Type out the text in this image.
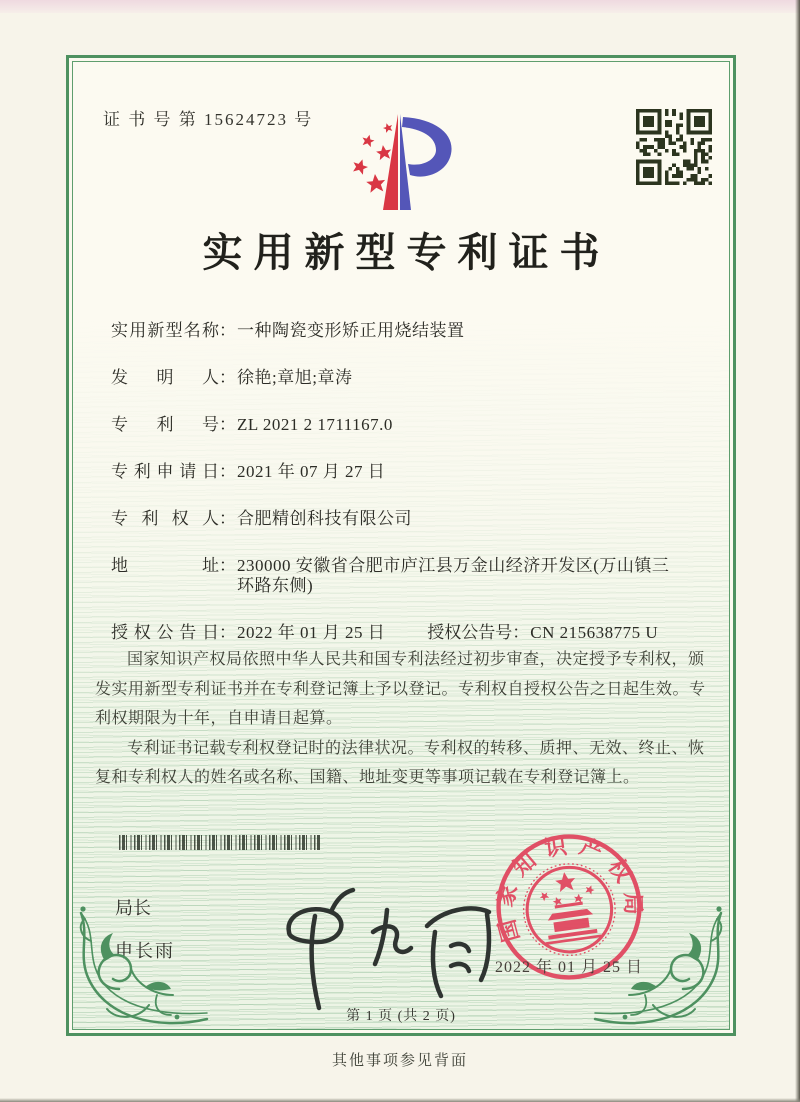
证 书 号 第 15624723 号
实用新型专利证书
实用新型名称 ： 一种陶瓷变形矫正用烧结装置
发明人 ： 徐艳;章旭;章涛
专利号 ： ZL 2021 2 1711167.0
专利申请日 ： 2021 年 07 月 27 日
专利权人 ： 合肥精创科技有限公司
地址 ： 230000 安徽省合肥市庐江县万金山经济开发区(万山镇三环路东侧)
授权公告日 ： 2022 年 01 月 25 日 授权公告号 ： CN 215638775 U

国家知识产权局依照中华人民共和国专利法经过初步审查，决定授予专利权，颁发实用新型专利证书并在专利登记簿上予以登记。专利权自授权公告之日起生效。专利权期限为十年，自申请日起算。

专利证书记载专利权登记时的法律状况。专利权的转移、质押、无效、终止、恢复和专利权人的姓名或名称、国籍、地址变更等事项记载在专利登记簿上。

局长
申长雨
国家知识产权局
2022 年 01 月 25 日
第 1 页 (共 2 页)
其他事项参见背面
